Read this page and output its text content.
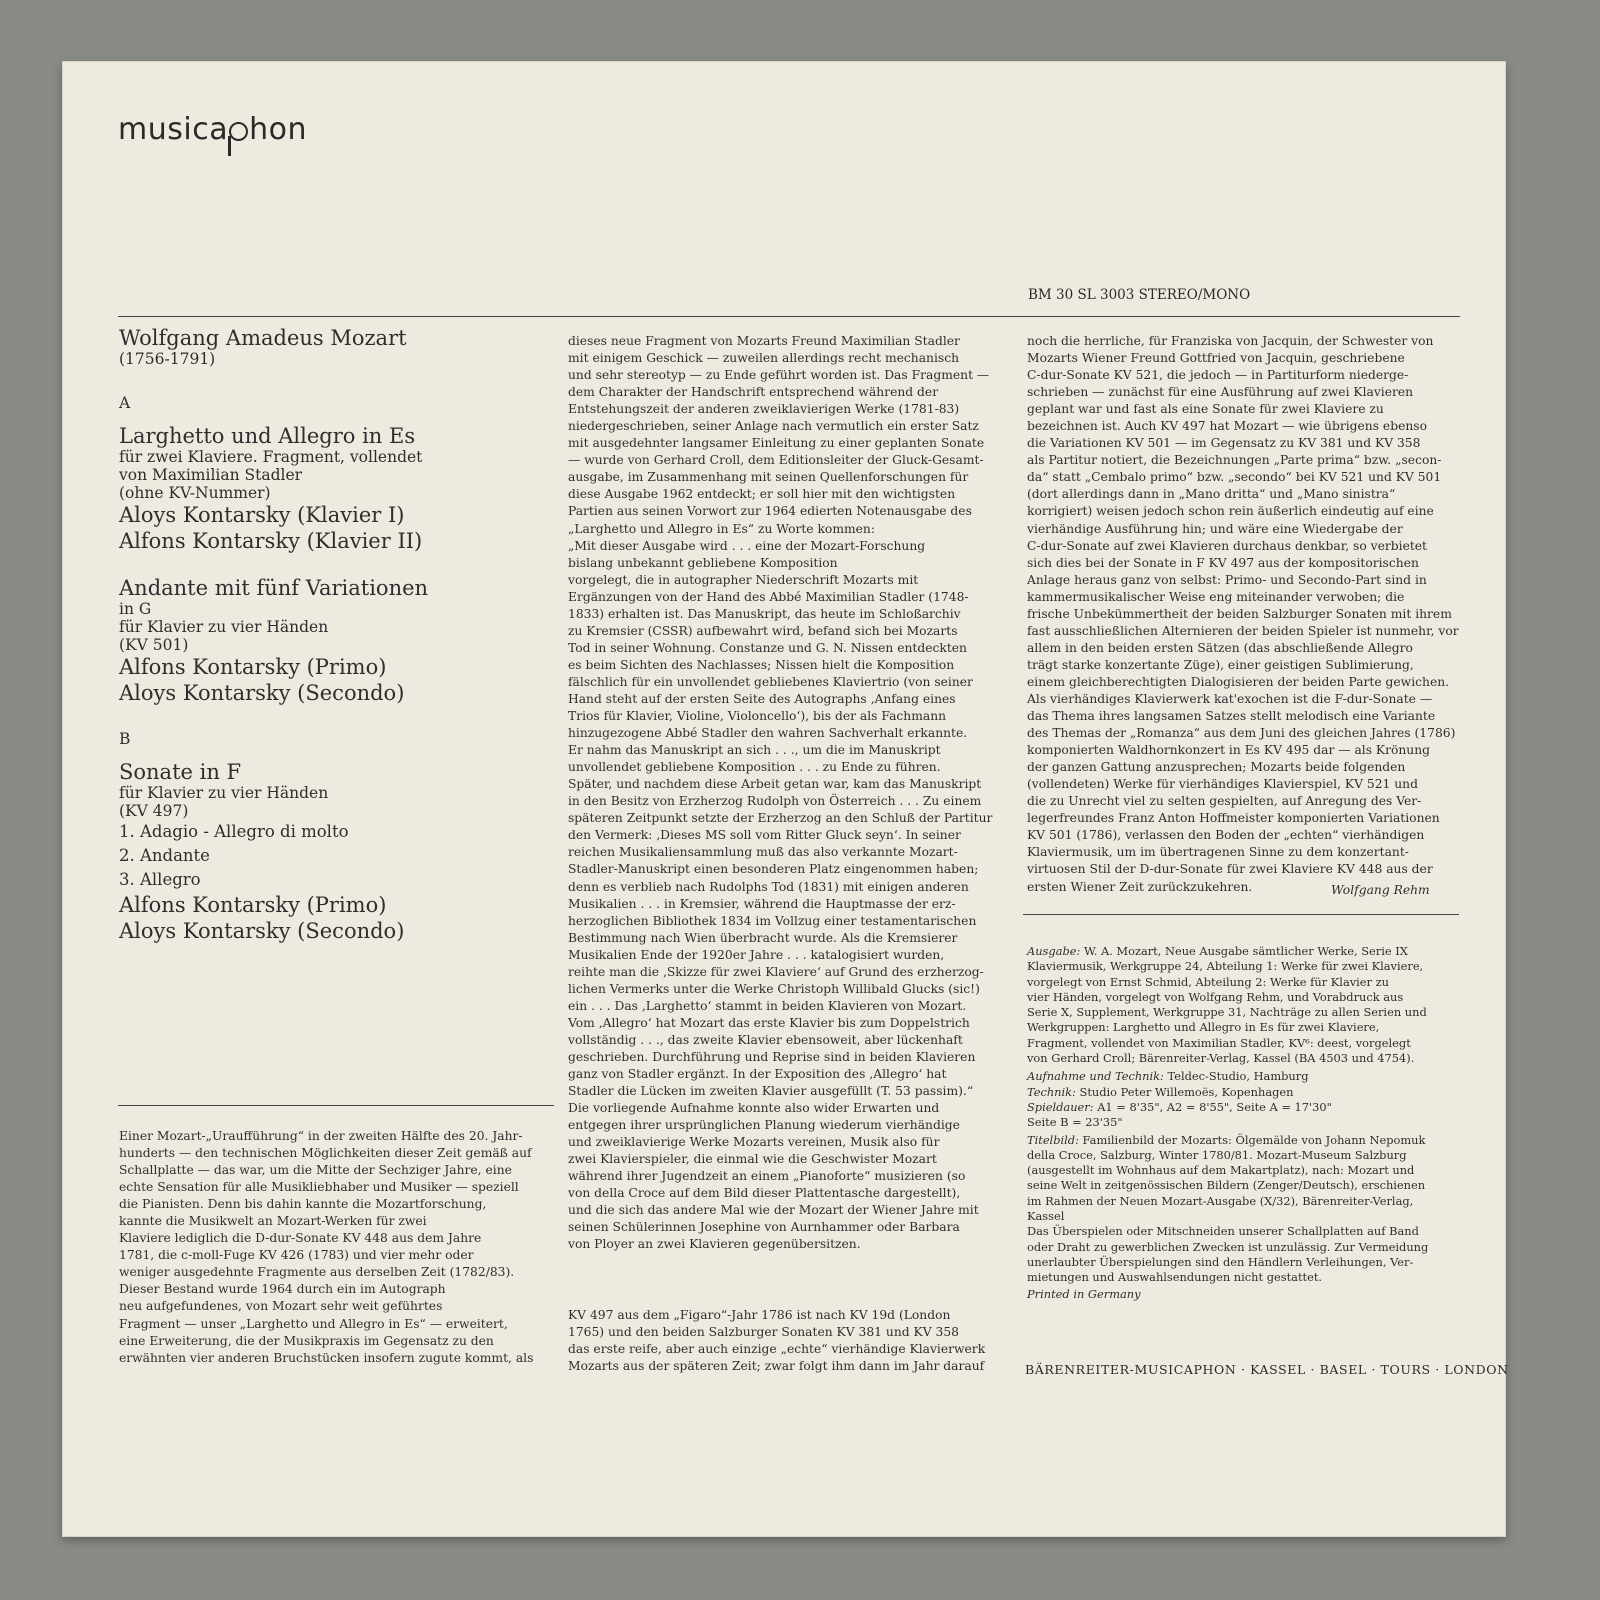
musica hon
BM 30 SL 3003 STEREO/MONO

Wolfgang Amadeus Mozart

(1756-1791)

A

Larghetto und Allegro in Es

für zwei Klaviere. Fragment, vollendet

von Maximilian Stadler

(ohne KV-Nummer)

Aloys Kontarsky (Klavier I)

Alfons Kontarsky (Klavier II)

Andante mit fünf Variationen

in G

für Klavier zu vier Händen

(KV 501)

Alfons Kontarsky (Primo)

Aloys Kontarsky (Secondo)

B

Sonate in F

für Klavier zu vier Händen

(KV 497)

1. Adagio - Allegro di molto

2. Andante

3. Allegro

Alfons Kontarsky (Primo)

Aloys Kontarsky (Secondo)

Einer Mozart-„Uraufführung“ in der zweiten Hälfte des 20. Jahr-
hunderts — den technischen Möglichkeiten dieser Zeit gemäß auf
Schallplatte — das war, um die Mitte der Sechziger Jahre, eine
echte Sensation für alle Musikliebhaber und Musiker — speziell
die Pianisten. Denn bis dahin kannte die Mozartforschung,
kannte die Musikwelt an Mozart-Werken für zwei
Klaviere lediglich die D-dur-Sonate KV 448 aus dem Jahre
1781, die c-moll-Fuge KV 426 (1783) und vier mehr oder
weniger ausgedehnte Fragmente aus derselben Zeit (1782/83).
Dieser Bestand wurde 1964 durch ein im Autograph
neu aufgefundenes, von Mozart sehr weit geführtes
Fragment — unser „Larghetto und Allegro in Es“ — erweitert,
eine Erweiterung, die der Musikpraxis im Gegensatz zu den
erwähnten vier anderen Bruchstücken insofern zugute kommt, als
dieses neue Fragment von Mozarts Freund Maximilian Stadler
mit einigem Geschick — zuweilen allerdings recht mechanisch
und sehr stereotyp — zu Ende geführt worden ist. Das Fragment —
dem Charakter der Handschrift entsprechend während der
Entstehungszeit der anderen zweiklavierigen Werke (1781-83)
niedergeschrieben, seiner Anlage nach vermutlich ein erster Satz
mit ausgedehnter langsamer Einleitung zu einer geplanten Sonate
— wurde von Gerhard Croll, dem Editionsleiter der Gluck-Gesamt-
ausgabe, im Zusammenhang mit seinen Quellenforschungen für
diese Ausgabe 1962 entdeckt; er soll hier mit den wichtigsten
Partien aus seinen Vorwort zur 1964 edierten Notenausgabe des
„Larghetto und Allegro in Es“ zu Worte kommen:
„Mit dieser Ausgabe wird . . . eine der Mozart-Forschung
bislang unbekannt gebliebene Komposition
vorgelegt, die in autographer Niederschrift Mozarts mit
Ergänzungen von der Hand des Abbé Maximilian Stadler (1748-
1833) erhalten ist. Das Manuskript, das heute im Schloßarchiv
zu Kremsier (CSSR) aufbewahrt wird, befand sich bei Mozarts
Tod in seiner Wohnung. Constanze und G. N. Nissen entdeckten
es beim Sichten des Nachlasses; Nissen hielt die Komposition
fälschlich für ein unvollendet gebliebenes Klaviertrio (von seiner
Hand steht auf der ersten Seite des Autographs ‚Anfang eines
Trios für Klavier, Violine, Violoncello‘), bis der als Fachmann
hinzugezogene Abbé Stadler den wahren Sachverhalt erkannte.
Er nahm das Manuskript an sich . . ., um die im Manuskript
unvollendet gebliebene Komposition . . . zu Ende zu führen.
Später, und nachdem diese Arbeit getan war, kam das Manuskript
in den Besitz von Erzherzog Rudolph von Österreich . . . Zu einem
späteren Zeitpunkt setzte der Erzherzog an den Schluß der Partitur
den Vermerk: ‚Dieses MS soll vom Ritter Gluck seyn‘. In seiner
reichen Musikaliensammlung muß das also verkannte Mozart-
Stadler-Manuskript einen besonderen Platz eingenommen haben;
denn es verblieb nach Rudolphs Tod (1831) mit einigen anderen
Musikalien . . . in Kremsier, während die Hauptmasse der erz-
herzoglichen Bibliothek 1834 im Vollzug einer testamentarischen
Bestimmung nach Wien überbracht wurde. Als die Kremsierer
Musikalien Ende der 1920er Jahre . . . katalogisiert wurden,
reihte man die ‚Skizze für zwei Klaviere‘ auf Grund des erzherzog-
lichen Vermerks unter die Werke Christoph Willibald Glucks (sic!)
ein . . . Das ‚Larghetto‘ stammt in beiden Klavieren von Mozart.
Vom ‚Allegro‘ hat Mozart das erste Klavier bis zum Doppelstrich
vollständig . . ., das zweite Klavier ebensoweit, aber lückenhaft
geschrieben. Durchführung und Reprise sind in beiden Klavieren
ganz von Stadler ergänzt. In der Exposition des ‚Allegro‘ hat
Stadler die Lücken im zweiten Klavier ausgefüllt (T. 53 passim).“
Die vorliegende Aufnahme konnte also wider Erwarten und
entgegen ihrer ursprünglichen Planung wiederum vierhändige
und zweiklavierige Werke Mozarts vereinen, Musik also für
zwei Klavierspieler, die einmal wie die Geschwister Mozart
während ihrer Jugendzeit an einem „Pianoforte“ musizieren (so
von della Croce auf dem Bild dieser Plattentasche dargestellt),
und die sich das andere Mal wie der Mozart der Wiener Jahre mit
seinen Schülerinnen Josephine von Aurnhammer oder Barbara
von Ployer an zwei Klavieren gegenübersitzen.
KV 497 aus dem „Figaro“-Jahr 1786 ist nach KV 19d (London
1765) und den beiden Salzburger Sonaten KV 381 und KV 358
das erste reife, aber auch einzige „echte“ vierhändige Klavierwerk
Mozarts aus der späteren Zeit; zwar folgt ihm dann im Jahr darauf
noch die herrliche, für Franziska von Jacquin, der Schwester von
Mozarts Wiener Freund Gottfried von Jacquin, geschriebene
C-dur-Sonate KV 521, die jedoch — in Partiturform niederge-
schrieben — zunächst für eine Ausführung auf zwei Klavieren
geplant war und fast als eine Sonate für zwei Klaviere zu
bezeichnen ist. Auch KV 497 hat Mozart — wie übrigens ebenso
die Variationen KV 501 — im Gegensatz zu KV 381 und KV 358
als Partitur notiert, die Bezeichnungen „Parte prima“ bzw. „secon-
da“ statt „Cembalo primo“ bzw. „secondo“ bei KV 521 und KV 501
(dort allerdings dann in „Mano dritta“ und „Mano sinistra“
korrigiert) weisen jedoch schon rein äußerlich eindeutig auf eine
vierhändige Ausführung hin; und wäre eine Wiedergabe der
C-dur-Sonate auf zwei Klavieren durchaus denkbar, so verbietet
sich dies bei der Sonate in F KV 497 aus der kompositorischen
Anlage heraus ganz von selbst: Primo- und Secondo-Part sind in
kammermusikalischer Weise eng miteinander verwoben; die
frische Unbekümmertheit der beiden Salzburger Sonaten mit ihrem
fast ausschließlichen Alternieren der beiden Spieler ist nunmehr, vor
allem in den beiden ersten Sätzen (das abschließende Allegro
trägt starke konzertante Züge), einer geistigen Sublimierung,
einem gleichberechtigten Dialogisieren der beiden Parte gewichen.
Als vierhändiges Klavierwerk kat'exochen ist die F-dur-Sonate —
das Thema ihres langsamen Satzes stellt melodisch eine Variante
des Themas der „Romanza“ aus dem Juni des gleichen Jahres (1786)
komponierten Waldhornkonzert in Es KV 495 dar — als Krönung
der ganzen Gattung anzusprechen; Mozarts beide folgenden
(vollendeten) Werke für vierhändiges Klavierspiel, KV 521 und
die zu Unrecht viel zu selten gespielten, auf Anregung des Ver-
legerfreundes Franz Anton Hoffmeister komponierten Variationen
KV 501 (1786), verlassen den Boden der „echten“ vierhändigen
Klaviermusik, um im übertragenen Sinne zu dem konzertant-
virtuosen Stil der D-dur-Sonate für zwei Klaviere KV 448 aus der
ersten Wiener Zeit zurückzukehren.	Wolfgang Rehm
Ausgabe: W. A. Mozart, Neue Ausgabe sämtlicher Werke, Serie IX
Klaviermusik, Werkgruppe 24, Abteilung 1: Werke für zwei Klaviere,
vorgelegt von Ernst Schmid, Abteilung 2: Werke für Klavier zu
vier Händen, vorgelegt von Wolfgang Rehm, und Vorabdruck aus
Serie X, Supplement, Werkgruppe 31, Nachträge zu allen Serien und
Werkgruppen: Larghetto und Allegro in Es für zwei Klaviere,
Fragment, vollendet von Maximilian Stadler, KV⁶: deest, vorgelegt
von Gerhard Croll; Bärenreiter-Verlag, Kassel (BA 4503 und 4754).
Aufnahme und Technik: Teldec-Studio, Hamburg
Technik: Studio Peter Willemoës, Kopenhagen
Spieldauer: A1 = 8'35", A2 = 8'55", Seite A = 17'30"
Seite B = 23'35"
Titelbild: Familienbild der Mozarts: Ölgemälde von Johann Nepomuk
della Croce, Salzburg, Winter 1780/81. Mozart-Museum Salzburg
(ausgestellt im Wohnhaus auf dem Makartplatz), nach: Mozart und
seine Welt in zeitgenössischen Bildern (Zenger/Deutsch), erschienen
im Rahmen der Neuen Mozart-Ausgabe (X/32), Bärenreiter-Verlag,
Kassel
Das Überspielen oder Mitschneiden unserer Schallplatten auf Band
oder Draht zu gewerblichen Zwecken ist unzulässig. Zur Vermeidung
unerlaubter Überspielungen sind den Händlern Verleihungen, Ver-
mietungen und Auswahlsendungen nicht gestattet.
Printed in Germany
BÄRENREITER-MUSICAPHON · KASSEL · BASEL · TOURS · LONDON
